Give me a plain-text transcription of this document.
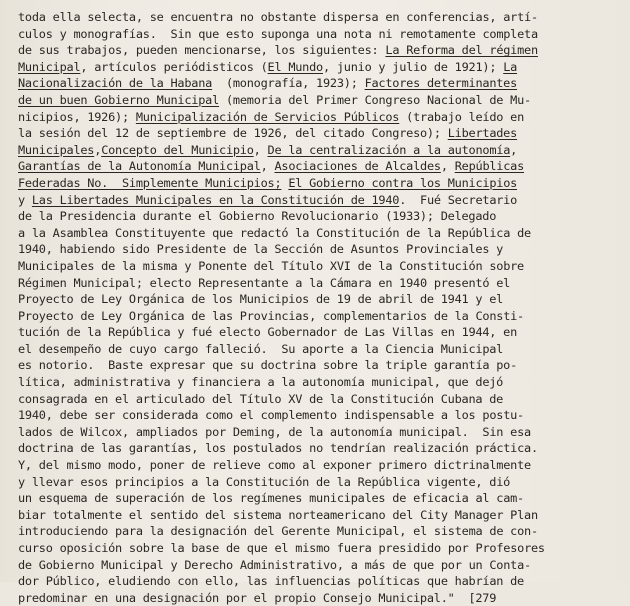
toda ella selecta, se encuentra no obstante dispersa en conferencias, artí-
culos y monografías.  Sin que esto suponga una nota ni remotamente completa
de sus trabajos, pueden mencionarse, los siguientes: La Reforma del régimen
Municipal, artículos periódisticos (El Mundo, junio y julio de 1921); La
Nacionalización de la Habana  (monografía, 1923); Factores determinantes
de un buen Gobierno Municipal (memoria del Primer Congreso Nacional de Mu-
nicipios, 1926); Municipalización de Servicios Públicos (trabajo leído en
la sesión del 12 de septiembre de 1926, del citado Congreso); Libertades
Municipales,Concepto del Municipio, De la centralización a la autonomía,
Garantías de la Autonomía Municipal, Asociaciones de Alcaldes, Repúblicas
Federadas No.  Simplemente Municipios; El Gobierno contra los Municipios
y Las Libertades Municipales en la Constitución de 1940.  Fué Secretario
de la Presidencia durante el Gobierno Revolucionario (1933); Delegado
a la Asamblea Constituyente que redactó la Constitución de la República de
1940, habiendo sido Presidente de la Sección de Asuntos Provinciales y
Municipales de la misma y Ponente del Título XVI de la Constitución sobre
Régimen Municipal; electo Representante a la Cámara en 1940 presentó el
Proyecto de Ley Orgánica de los Municipios de 19 de abril de 1941 y el
Proyecto de Ley Orgánica de las Provincias, complementarios de la Consti-
tución de la República y fué electo Gobernador de Las Villas en 1944, en
el desempeño de cuyo cargo falleció.  Su aporte a la Ciencia Municipal
es notorio.  Baste expresar que su doctrina sobre la triple garantía po-
lítica, administrativa y financiera a la autonomía municipal, que dejó
consagrada en el articulado del Título XV de la Constitución Cubana de
1940, debe ser considerada como el complemento indispensable a los postu-
lados de Wilcox, ampliados por Deming, de la autonomía municipal.  Sin esa
doctrina de las garantías, los postulados no tendrían realización práctica.
Y, del mismo modo, poner de relieve como al exponer primero dictrinalmente
y llevar esos principios a la Constitución de la República vigente, dió
un esquema de superación de los regímenes municipales de eficacia al cam-
biar totalmente el sentido del sistema norteamericano del City Manager Plan
introduciendo para la designación del Gerente Municipal, el sistema de con-
curso oposición sobre la base de que el mismo fuera presidido por Profesores
de Gobierno Municipal y Derecho Administrativo, a más de que por un Conta-
dor Público, eludiendo con ello, las influencias políticas que habrían de
predominar en una designación por el propio Consejo Municipal."  [279
